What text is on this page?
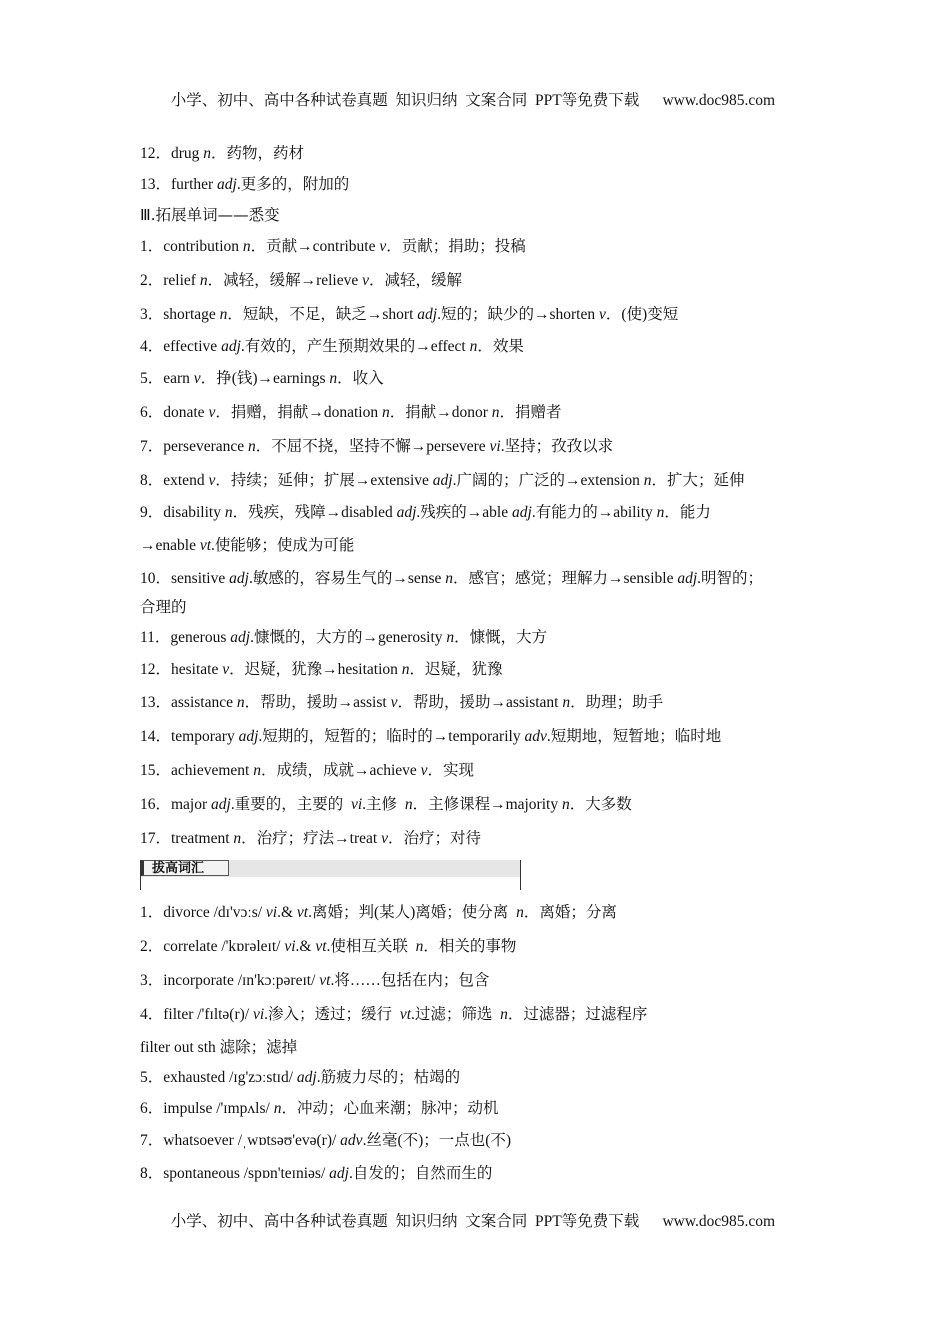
小学、初中、高中各种试卷真题  知识归纳  文案合同  PPT等免费下载 www.doc985.com

12．drug n．药物，药材
13．further adj.更多的，附加的
Ⅲ.拓展单词——悉变
1．contribution n．贡献→contribute v．贡献；捐助；投稿
2．relief n．减轻，缓解→relieve v．减轻，缓解
3．shortage n．短缺，不足，缺乏→short adj.短的；缺少的→shorten v．(使)变短
4．effective adj.有效的，产生预期效果的→effect n．效果
5．earn v．挣(钱)→earnings n．收入
6．donate v．捐赠，捐献→donation n．捐献→donor n．捐赠者
7．perseverance n．不屈不挠，坚持不懈→persevere vi.坚持；孜孜以求
8．extend v．持续；延伸；扩展→extensive adj.广阔的；广泛的→extension n．扩大；延伸
9．disability n．残疾，残障→disabled adj.残疾的→able adj.有能力的→ability n．能力
→enable vt.使能够；使成为可能
10．sensitive adj.敏感的，容易生气的→sense n．感官；感觉；理解力→sensible adj.明智的；
合理的
11．generous adj.慷慨的，大方的→generosity n．慷慨，大方
12．hesitate v．迟疑，犹豫→hesitation n．迟疑，犹豫
13．assistance n．帮助，援助→assist v．帮助，援助→assistant n．助理；助手
14．temporary adj.短期的，短暂的；临时的→temporarily adv.短期地，短暂地；临时地
15．achievement n．成绩，成就→achieve v．实现
16．major adj.重要的，主要的  vi.主修  n．主修课程→majority n．大多数
17．treatment n．治疗；疗法→treat v．治疗；对待
1．divorce /dɪ'vɔːs/ vi.& vt.离婚；判(某人)离婚；使分离  n．离婚；分离
2．correlate /'kɒrəleɪt/ vi.& vt.使相互关联  n．相关的事物
3．incorporate /ɪn'kɔːpəreɪt/ vt.将……包括在内；包含
4．filter /'fɪltə(r)/ vi.渗入；透过；缓行  vt.过滤；筛选  n．过滤器；过滤程序
filter out sth 滤除；滤掉
5．exhausted /ɪg'zɔːstɪd/ adj.筋疲力尽的；枯竭的
6．impulse /'ɪmpʌls/ n．冲动；心血来潮；脉冲；动机
7．whatsoever /ˌwɒtsəʊ'evə(r)/ adv.丝毫(不)；一点也(不)
8．spontaneous /spɒn'teɪniəs/ adj.自发的；自然而生的
拔高词汇

小学、初中、高中各种试卷真题  知识归纳  文案合同  PPT等免费下载 www.doc985.com
